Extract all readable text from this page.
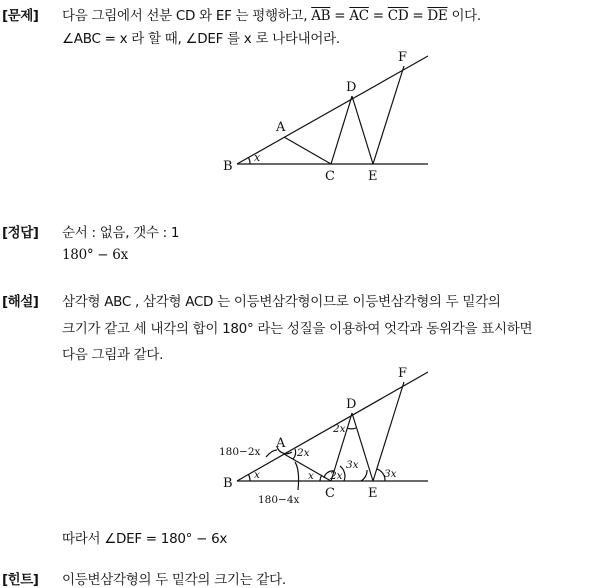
[문제] 다음 그림에서 선분 CD 와 EF 는 평행하고, $\overline{AB} = \overline{AC} = \overline{CD} = \overline{DE}$ 이다.
∠ABC = x 라 할 때, ∠DEF 를 x 로 나타내어라.
B
A
C
D
E
F
x
[정답] 순서 : 없음, 갯수 : 1
180° − 6x
[해설] 삼각형 ABC , 삼각형 ACD 는 이등변삼각형이므로 이등변삼각형의 두 밑각의
크기가 같고 세 내각의 합이 180° 라는 성질을 이용하여 엇각과 동위각을 표시하면
다음 그림과 같다.
B
A
C
D
E
F
x
180−2x	2x
x 2x
3x
180−4x
2x
3x
따라서 ∠DEF = 180° − 6x
[힌트] 이등변삼각형의 두 밑각의 크기는 같다.
